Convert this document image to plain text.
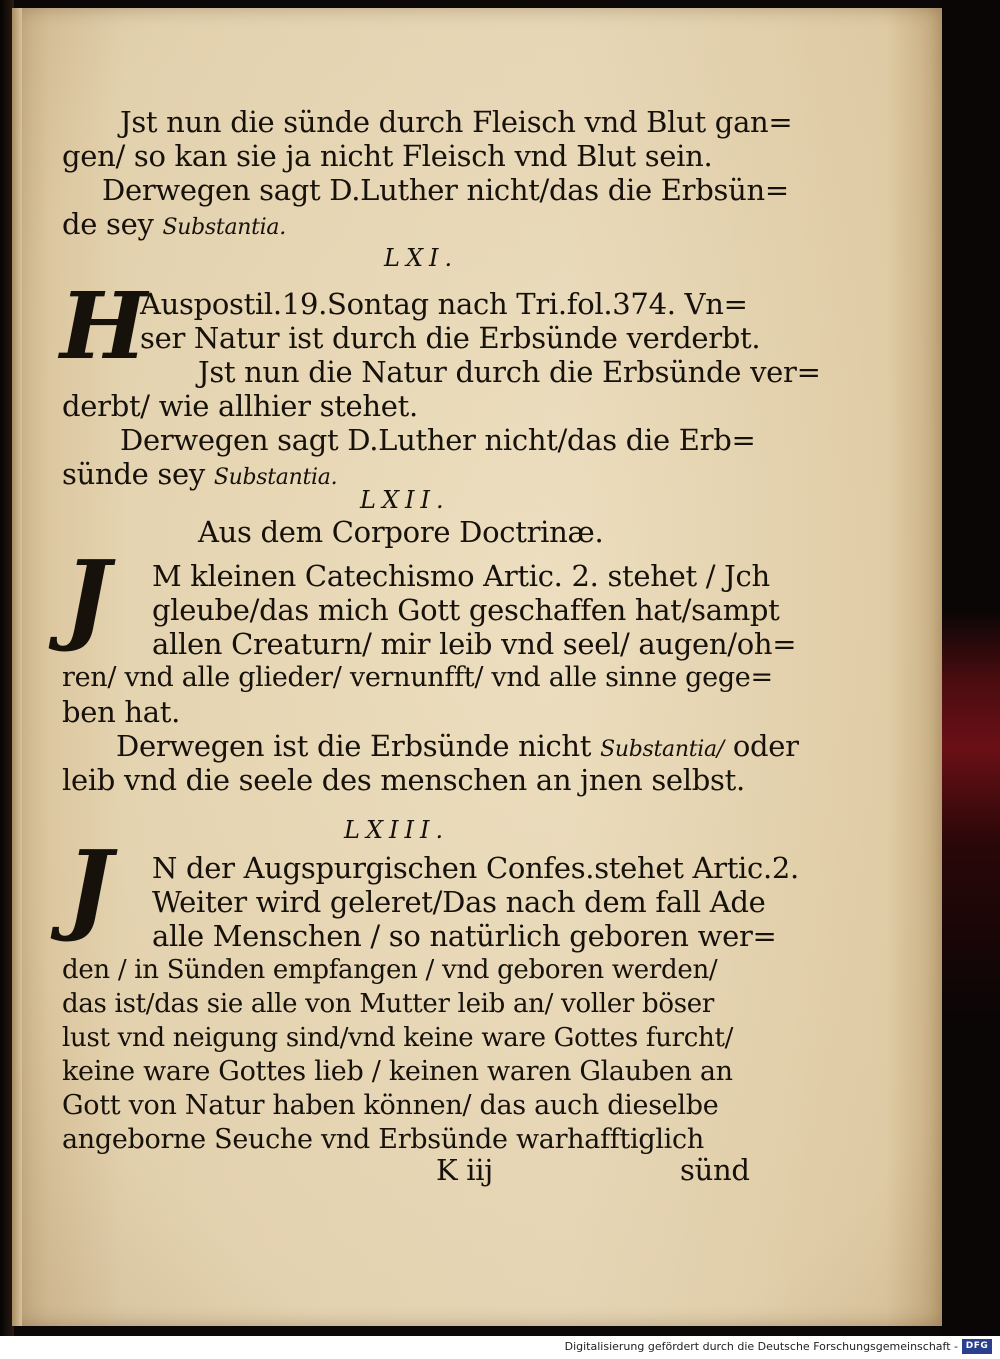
Jst nun die sünde durch Fleisch vnd Blut gan=
gen/ so kan sie ja nicht Fleisch vnd Blut sein.
Derwegen sagt D.Luther nicht/das die Erbsün=
de sey Substantia.
LXI.
H
Auspostil.19.Sontag nach Tri.fol.374. Vn=
ser Natur ist durch die Erbsünde verderbt.
Jst nun die Natur durch die Erbsünde ver=
derbt/ wie allhier stehet.
Derwegen sagt D.Luther nicht/das die Erb=
sünde sey Substantia.
LXII.
Aus dem Corpore Doctrinæ.
J M kleinen Catechismo Artic. 2. stehet / Jch
gleube/das mich Gott geschaffen hat/sampt
allen Creaturn/ mir leib vnd seel/ augen/oh=
ren/ vnd alle glieder/ vernunfft/ vnd alle sinne gege=
ben hat.
Derwegen ist die Erbsünde nicht Substantia/ oder
leib vnd die seele des menschen an jnen selbst.
LXIII.
J N der Augspurgischen Confes.stehet Artic.2.
Weiter wird geleret/Das nach dem fall Ade
alle Menschen / so natürlich geboren wer=
den / in Sünden empfangen / vnd geboren werden/
das ist/das sie alle von Mutter leib an/ voller böser
lust vnd neigung sind/vnd keine ware Gottes furcht/
keine ware Gottes lieb / keinen waren Glauben an
Gott von Natur haben können/ das auch dieselbe
angeborne Seuche vnd Erbsünde warhafftiglich
K iij	sünd
Digitalisierung gefördert durch die Deutsche Forschungsgemeinschaft - DFG
